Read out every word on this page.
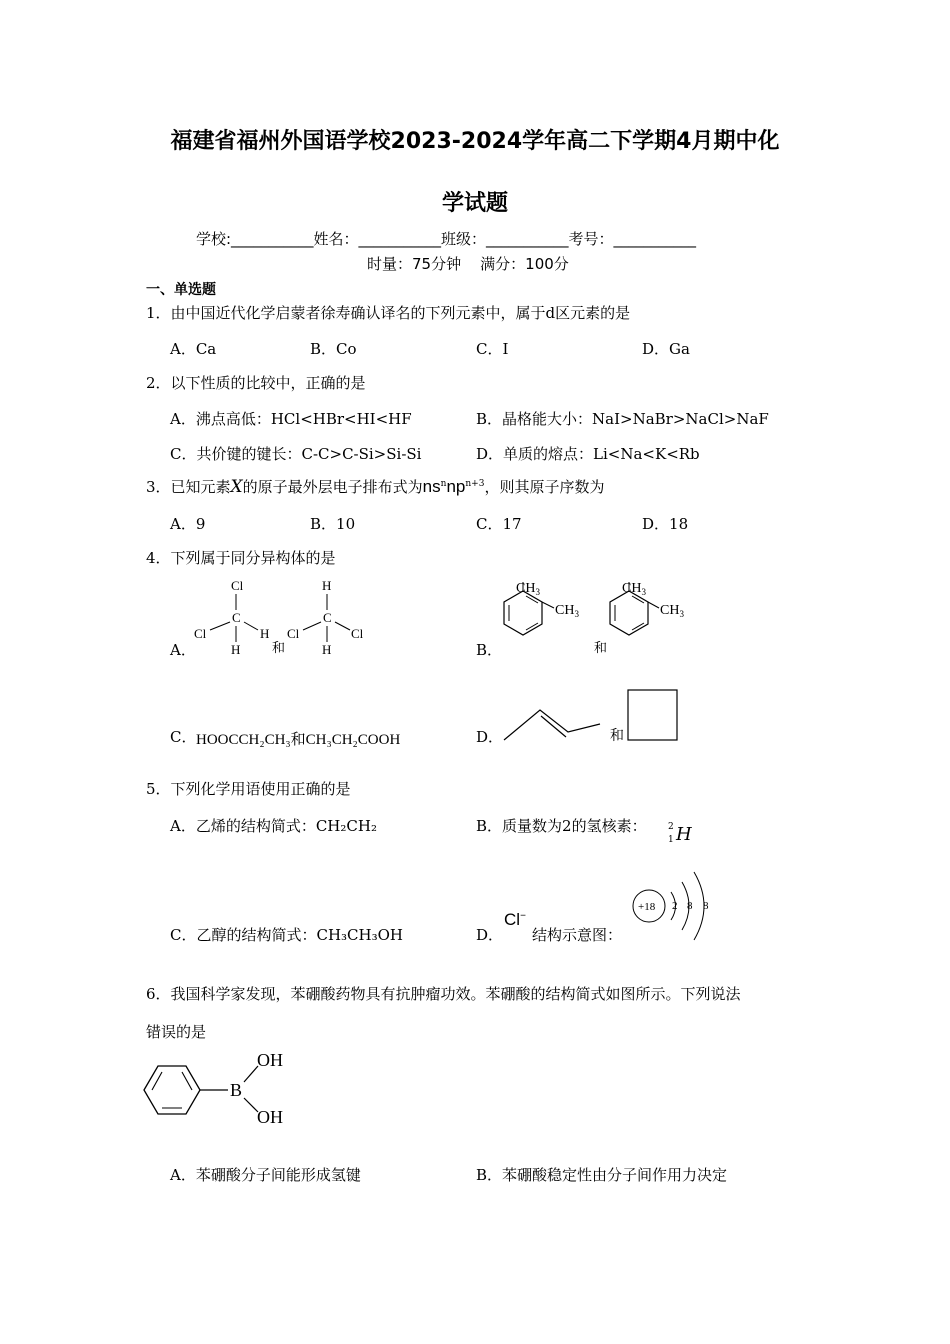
福建省福州外国语学校2023-2024学年高二下学期4月期中化
学试题
学校:___________姓名：___________班级：___________考号：___________
时量：75分钟    满分：100分
一、单选题
1．由中国近代化学启蒙者徐寿确认译名的下列元素中，属于d区元素的是
A．Ca	B．Co	C．I	D．Ga
2．以下性质的比较中，正确的是
A．沸点高低：HCl<HBr<HI<HF	B．晶格能大小：NaI>NaBr>NaCl>NaF
C．共价键的键长：C-C>C-Si>Si-Si	D．单质的熔点：Li<Na<K<Rb
3．已知元素X的原子最外层电子排布式为$ns^nnp^{n+3}$，则其原子序数为
A．9	B．10	C．17	D．18
4．下列属于同分异构体的是
A．	B．
Cl
C
Cl	H
H 和
H
C
Cl	Cl
H
$CH_3$
$CH_3$
和
$CH_3$
$CH_3$
C． HOOCCH₂CH₃和CH₃CH₂COOH	D．	和
5．下列化学用语使用正确的是
A．乙烯的结构简式：CH₂CH₂	B．质量数为2的氢核素： 2
1 H
C．乙醇的结构简式：CH₃CH₃OH	D．
Cl−
结构示意图：
+18 2 8 8
6．我国科学家发现，苯硼酸药物具有抗肿瘤功效。苯硼酸的结构简式如图所示。下列说法
错误的是
B
OH
OH
A．苯硼酸分子间能形成氢键	B．苯硼酸稳定性由分子间作用力决定
